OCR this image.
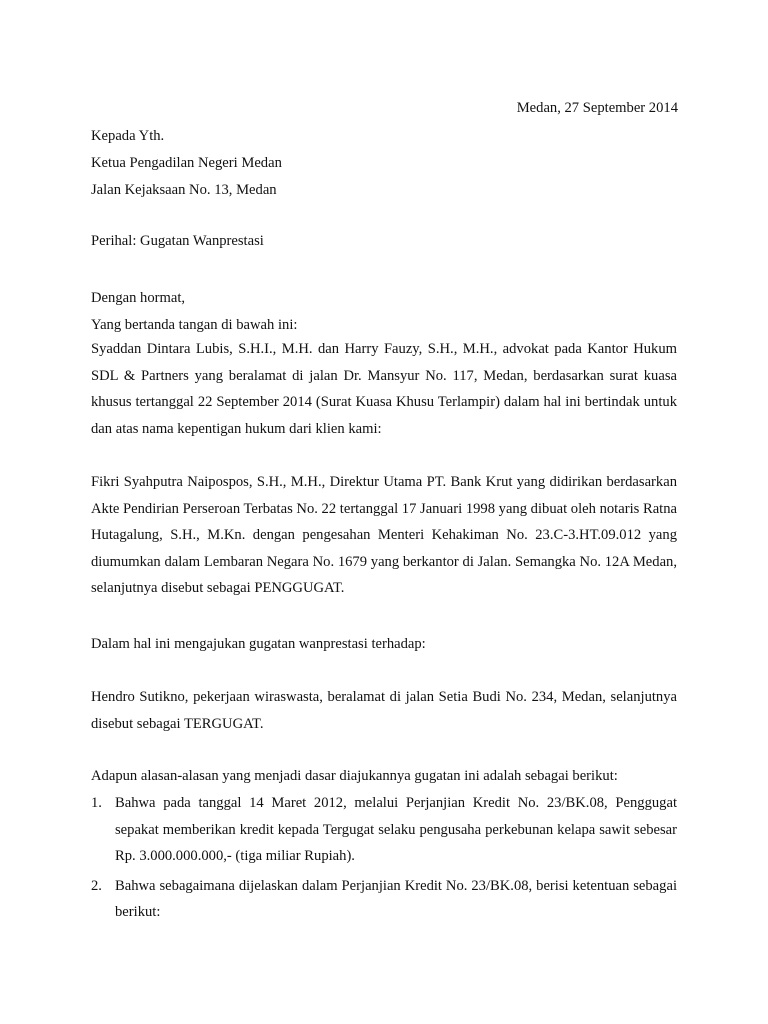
Medan, 27 September 2014
Kepada Yth.
Ketua Pengadilan Negeri Medan
Jalan Kejaksaan No. 13, Medan
Perihal: Gugatan Wanprestasi
Dengan hormat,
Yang bertanda tangan di bawah ini:
Syaddan Dintara Lubis, S.H.I., M.H. dan Harry Fauzy, S.H., M.H., advokat pada Kantor Hukum SDL & Partners yang beralamat di jalan Dr. Mansyur No. 117, Medan, berdasarkan surat kuasa khusus tertanggal 22 September 2014 (Surat Kuasa Khusu Terlampir) dalam hal ini bertindak untuk dan atas nama kepentigan hukum dari klien kami:
Fikri Syahputra Naipospos, S.H., M.H., Direktur Utama PT. Bank Krut yang didirikan berdasarkan Akte Pendirian Perseroan Terbatas No. 22 tertanggal 17 Januari 1998 yang dibuat oleh notaris Ratna Hutagalung, S.H., M.Kn. dengan pengesahan Menteri Kehakiman No. 23.C-3.HT.09.012 yang diumumkan dalam Lembaran Negara No. 1679 yang berkantor di Jalan. Semangka No. 12A Medan, selanjutnya disebut sebagai PENGGUGAT.
Dalam hal ini mengajukan gugatan wanprestasi terhadap:
Hendro Sutikno, pekerjaan wiraswasta, beralamat di jalan Setia Budi No. 234, Medan, selanjutnya disebut sebagai TERGUGAT.
Adapun alasan-alasan yang menjadi dasar diajukannya gugatan ini adalah sebagai berikut:
1. Bahwa pada tanggal 14 Maret 2012, melalui Perjanjian Kredit No. 23/BK.08, Penggugat sepakat memberikan kredit kepada Tergugat selaku pengusaha perkebunan kelapa sawit sebesar Rp. 3.000.000.000,- (tiga miliar Rupiah).
2. Bahwa sebagaimana dijelaskan dalam Perjanjian Kredit No. 23/BK.08, berisi ketentuan sebagai berikut:
